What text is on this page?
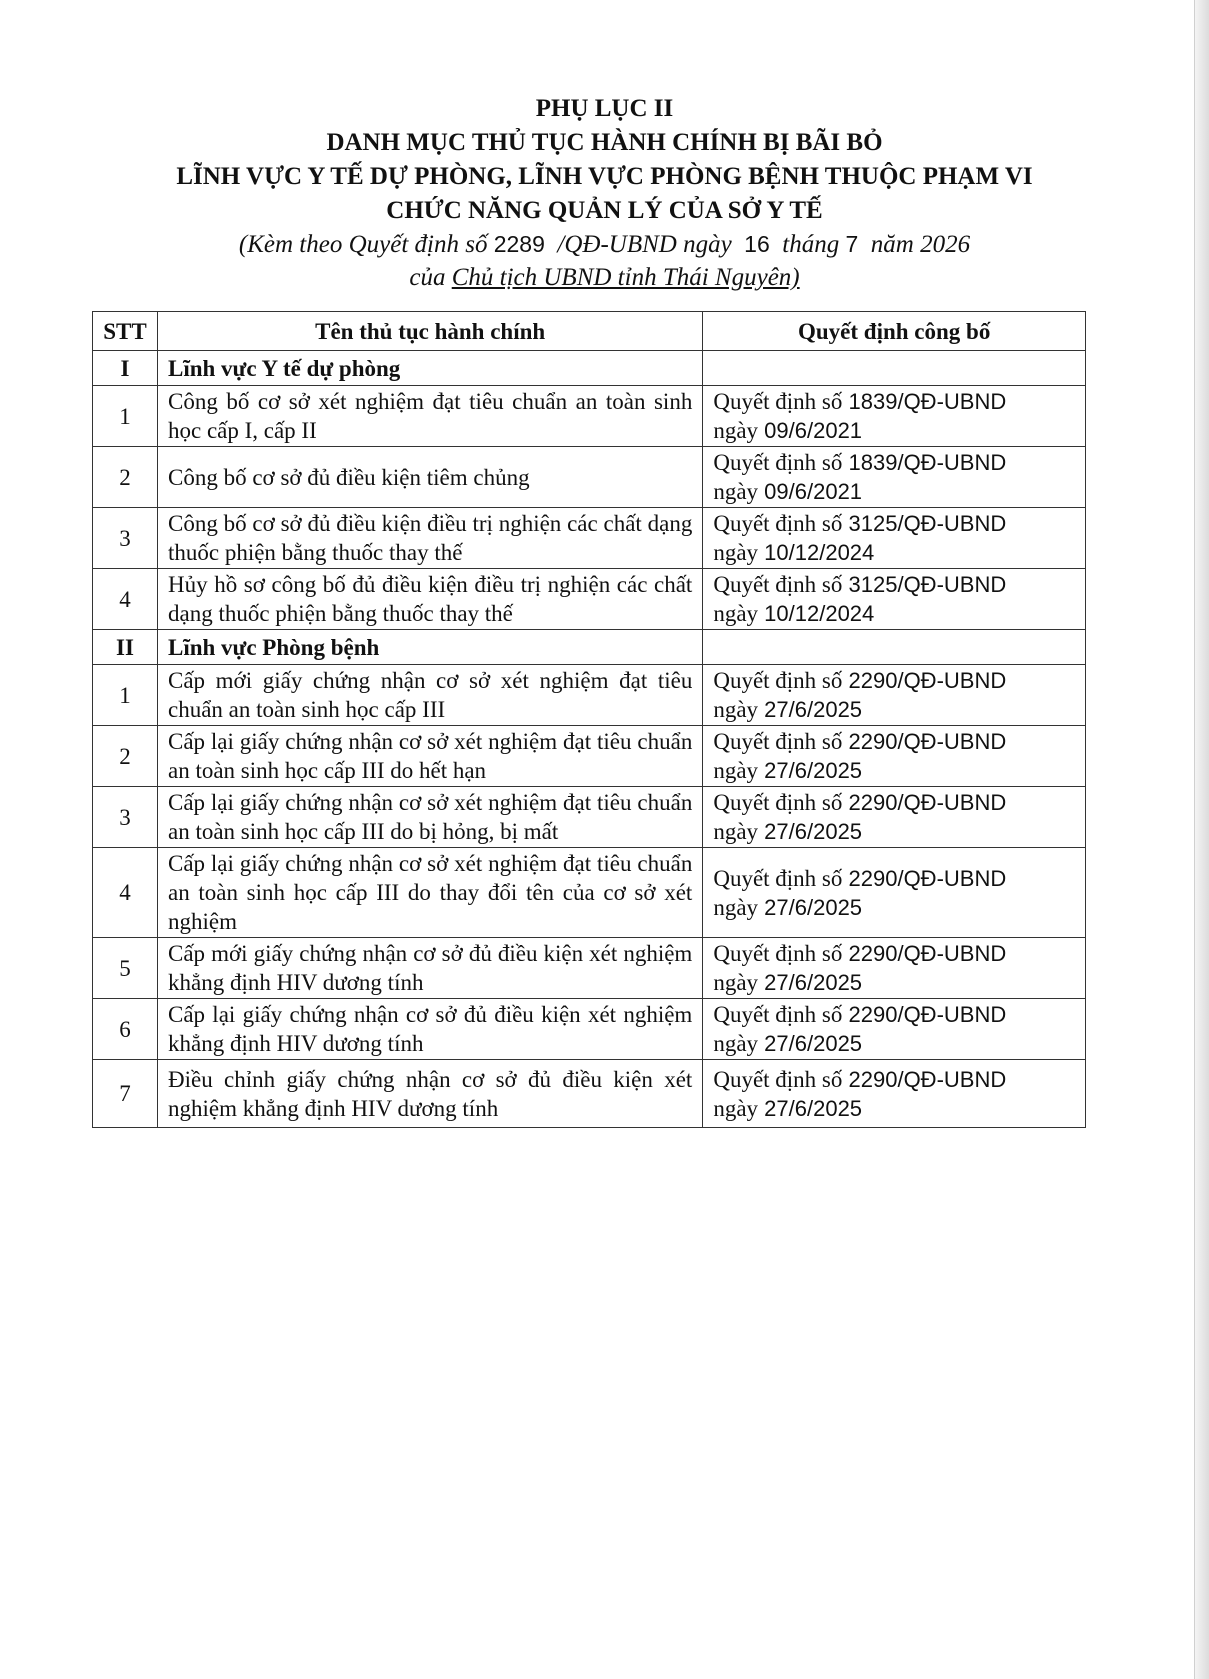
PHỤ LỤC II
DANH MỤC THỦ TỤC HÀNH CHÍNH BỊ BÃI BỎ
LĨNH VỰC Y TẾ DỰ PHÒNG, LĨNH VỰC PHÒNG BỆNH THUỘC PHẠM VI
CHỨC NĂNG QUẢN LÝ CỦA SỞ Y TẾ
(Kèm theo Quyết định số 2289 /QĐ-UBND ngày 16 tháng 7 năm 2026
của Chủ tịch UBND tỉnh Thái Nguyên)
STT	Tên thủ tục hành chính	Quyết định công bố
I	Lĩnh vực Y tế dự phòng	
1	Công bố cơ sở xét nghiệm đạt tiêu chuẩn an toàn sinh học cấp I, cấp II	Quyết định số 1839/QĐ-UBND
ngày 09/6/2021

2	Công bố cơ sở đủ điều kiện tiêm chủng	Quyết định số 1839/QĐ-UBND
ngày 09/6/2021

3	Công bố cơ sở đủ điều kiện điều trị nghiện các chất dạng thuốc phiện bằng thuốc thay thế	Quyết định số 3125/QĐ-UBND
ngày 10/12/2024

4	Hủy hồ sơ công bố đủ điều kiện điều trị nghiện các chất dạng thuốc phiện bằng thuốc thay thế	Quyết định số 3125/QĐ-UBND
ngày 10/12/2024

II	Lĩnh vực Phòng bệnh	
1	Cấp mới giấy chứng nhận cơ sở xét nghiệm đạt tiêu chuẩn an toàn sinh học cấp III	Quyết định số 2290/QĐ-UBND
ngày 27/6/2025

2	Cấp lại giấy chứng nhận cơ sở xét nghiệm đạt tiêu chuẩn an toàn sinh học cấp III do hết hạn	Quyết định số 2290/QĐ-UBND
ngày 27/6/2025

3	Cấp lại giấy chứng nhận cơ sở xét nghiệm đạt tiêu chuẩn an toàn sinh học cấp III do bị hỏng, bị mất	Quyết định số 2290/QĐ-UBND
ngày 27/6/2025

4	Cấp lại giấy chứng nhận cơ sở xét nghiệm đạt tiêu chuẩn an toàn sinh học cấp III do thay đổi tên của cơ sở xét nghiệm	Quyết định số 2290/QĐ-UBND
ngày 27/6/2025

5	Cấp mới giấy chứng nhận cơ sở đủ điều kiện xét nghiệm khẳng định HIV dương tính	Quyết định số 2290/QĐ-UBND
ngày 27/6/2025

6	Cấp lại giấy chứng nhận cơ sở đủ điều kiện xét nghiệm khẳng định HIV dương tính	Quyết định số 2290/QĐ-UBND
ngày 27/6/2025

7	Điều chỉnh giấy chứng nhận cơ sở đủ điều kiện xét nghiệm khẳng định HIV dương tính	Quyết định số 2290/QĐ-UBND
ngày 27/6/2025
